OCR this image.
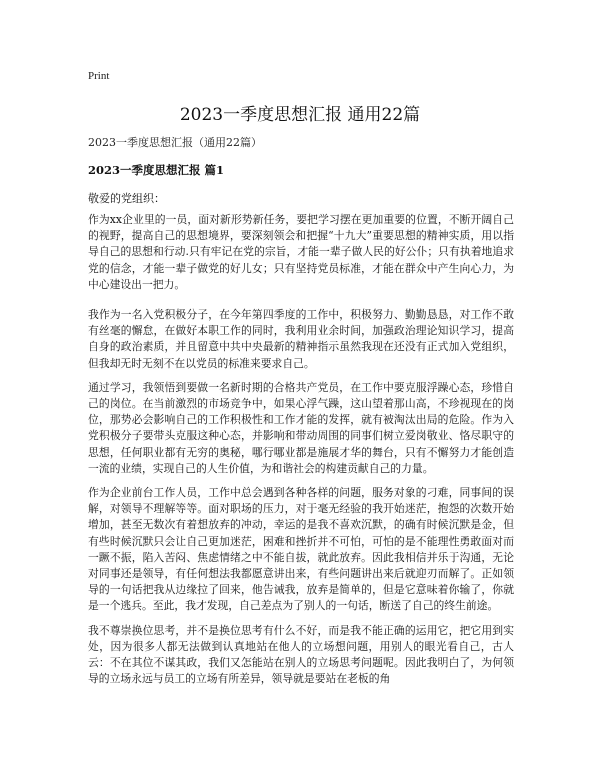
Print
2023一季度思想汇报 通用22篇
2023一季度思想汇报（通用22篇）
2023一季度思想汇报 篇1
敬爱的党组织：

作为xx企业里的一员，面对新形势新任务，要把学习摆在更加重要的位置，不断开阔自己的视野，提高自己的思想境界，要深刻领会和把握“十九大”重要思想的精神实质，用以指导自己的思想和行动.只有牢记在党的宗旨，才能一辈子做人民的好公仆；只有执着地追求党的信念，才能一辈子做党的好儿女；只有坚持党员标准，才能在群众中产生向心力，为中心建设出一把力。

我作为一名入党积极分子，在今年第四季度的工作中，积极努力、勤勤恳恳，对工作不敢有丝毫的懈怠，在做好本职工作的同时，我利用业余时间，加强政治理论知识学习，提高自身的政治素质，并且留意中共中央最新的精神指示虽然我现在还没有正式加入党组织，但我却无时无刻不在以党员的标准来要求自己。

通过学习，我领悟到要做一名新时期的合格共产党员，在工作中要克服浮躁心态，珍惜自己的岗位。在当前激烈的市场竞争中，如果心浮气躁，这山望着那山高，不珍视现在的岗位，那势必会影响自己的工作积极性和工作才能的发挥，就有被淘汰出局的危险。作为入党积极分子要带头克服这种心态，并影响和带动周围的同事们树立爱岗敬业、恪尽职守的思想，任何职业都有无穷的奥秘，哪行哪业都是施展才华的舞台，只有不懈努力才能创造一流的业绩，实现自己的人生价值，为和谐社会的构建贡献自己的力量。

作为企业前台工作人员，工作中总会遇到各种各样的问题，服务对象的刁难，同事间的误解，对领导不理解等等。面对职场的压力，对于毫无经验的我开始迷茫，抱怨的次数开始增加，甚至无数次有着想放弃的冲动，幸运的是我不喜欢沉默，的确有时候沉默是金，但有些时候沉默只会让自己更加迷茫，困难和挫折并不可怕，可怕的是不能理性勇敢面对而一蹶不振，陷入苦闷、焦虑情绪之中不能自拔，就此放弃。因此我相信并乐于沟通，无论对同事还是领导，有任何想法我都愿意讲出来，有些问题讲出来后就迎刃而解了。正如领导的一句话把我从边缘拉了回来，他告诫我，放弃是简单的，但是它意味着你输了，你就是一个逃兵。至此，我才发现，自己差点为了别人的一句话，断送了自己的终生前途。

我不尊崇换位思考，并不是换位思考有什么不好，而是我不能正确的运用它，把它用到实处，因为很多人都无法做到认真地站在他人的立场想问题，用别人的眼光看自己，古人云：不在其位不谋其政，我们又怎能站在别人的立场思考问题呢。因此我明白了，为何领导的立场永远与员工的立场有所差异，领导就是要站在老板的角
